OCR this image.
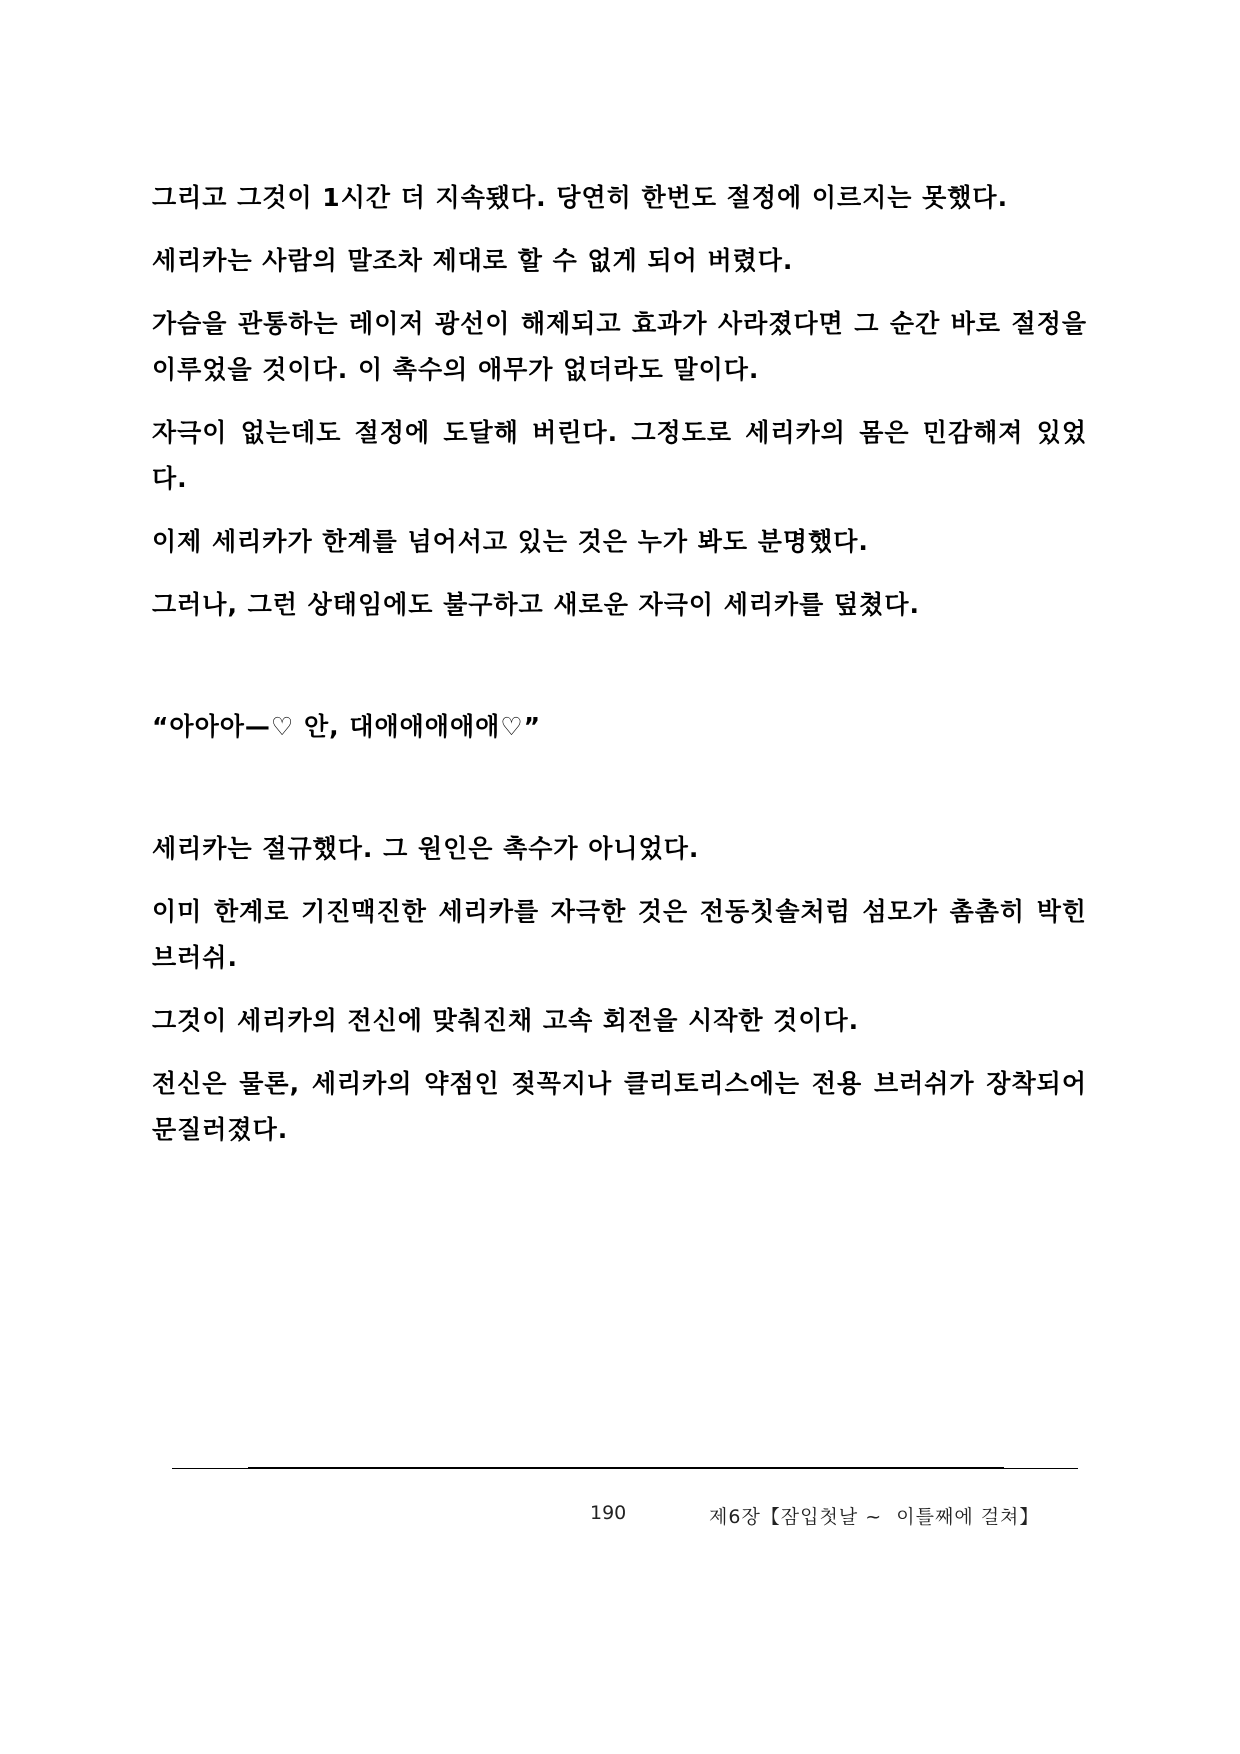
그리고 그것이 1시간 더 지속됐다. 당연히 한번도 절정에 이르지는 못했다.

세리카는 사람의 말조차 제대로 할 수 없게 되어 버렸다.

가슴을 관통하는 레이저 광선이 해제되고 효과가 사라졌다면 그 순간 바로 절정을 이루었을 것이다. 이 촉수의 애무가 없더라도 말이다.

자극이 없는데도 절정에 도달해 버린다. 그정도로 세리카의 몸은 민감해져 있었다.

이제 세리카가 한계를 넘어서고 있는 것은 누가 봐도 분명했다.

그러나, 그런 상태임에도 불구하고 새로운 자극이 세리카를 덮쳤다.

“아아아—♡ 안, 대애애애애애♡”

세리카는 절규했다. 그 원인은 촉수가 아니었다.

이미 한계로 기진맥진한 세리카를 자극한 것은 전동칫솔처럼 섬모가 촘촘히 박힌 브러쉬.

그것이 세리카의 전신에 맞춰진채 고속 회전을 시작한 것이다.

전신은 물론, 세리카의 약점인 젖꼭지나 클리토리스에는 전용 브러쉬가 장착되어 문질러졌다.

190	제6장【잠입첫날 ~  이틀째에 걸쳐】
